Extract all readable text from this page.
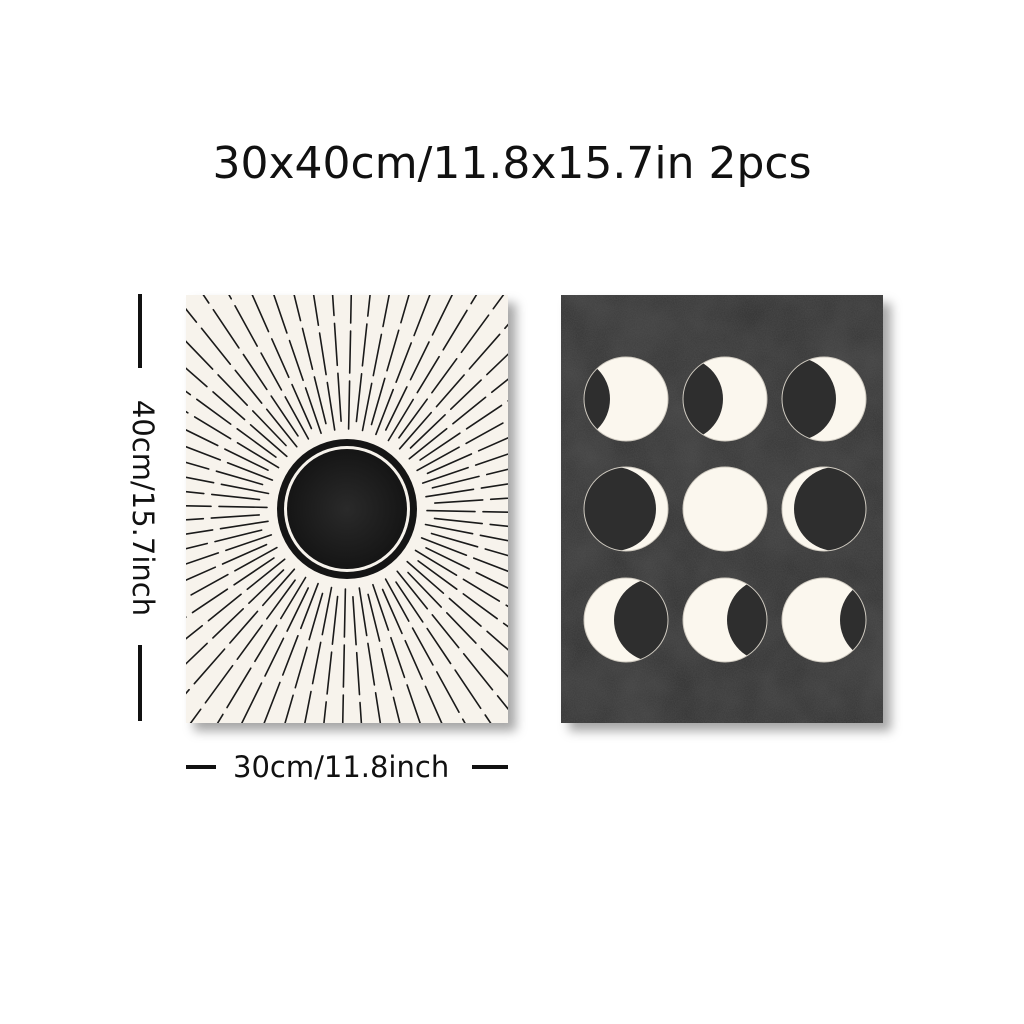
30x40cm/11.8x15.7in 2pcs
40cm/15.7inch
30cm/11.8inch
